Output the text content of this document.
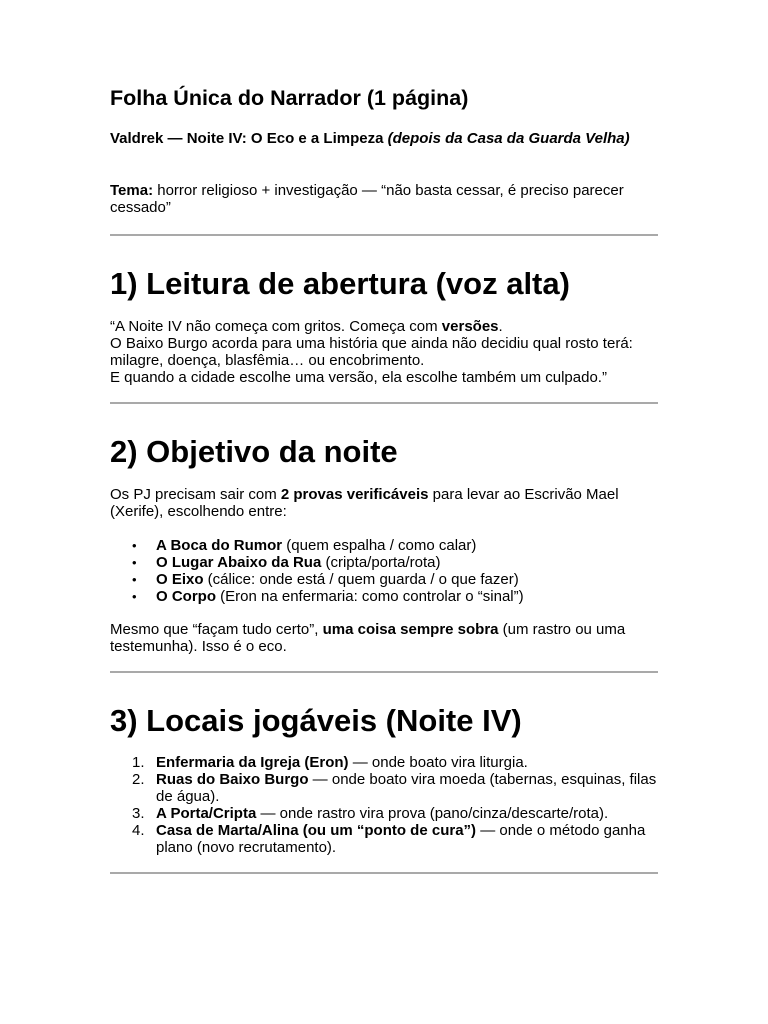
Folha Única do Narrador (1 página)

Valdrek — Noite IV: O Eco e a Limpeza (depois da Casa da Guarda Velha)

Tema: horror religioso + investigação — “não basta cessar, é preciso parecer cessado”

1) Leitura de abertura (voz alta)

“A Noite IV não começa com gritos. Começa com versões.
O Baixo Burgo acorda para uma história que ainda não decidiu qual rosto terá: milagre, doença, blasfêmia… ou encobrimento.
E quando a cidade escolhe uma versão, ela escolhe também um culpado.”

2) Objetivo da noite

Os PJ precisam sair com 2 provas verificáveis para levar ao Escrivão Mael (Xerife), escolhendo entre:

• A Boca do Rumor (quem espalha / como calar)
• O Lugar Abaixo da Rua (cripta/porta/rota)
• O Eixo (cálice: onde está / quem guarda / o que fazer)
• O Corpo (Eron na enfermaria: como controlar o “sinal”)

Mesmo que “façam tudo certo”, uma coisa sempre sobra (um rastro ou uma testemunha). Isso é o eco.

3) Locais jogáveis (Noite IV)
1. Enfermaria da Igreja (Eron) — onde boato vira liturgia.
2. Ruas do Baixo Burgo — onde boato vira moeda (tabernas, esquinas, filas de água).
3. A Porta/Cripta — onde rastro vira prova (pano/cinza/descarte/rota).
4. Casa de Marta/Alina (ou um “ponto de cura”) — onde o método ganha plano (novo recrutamento).
